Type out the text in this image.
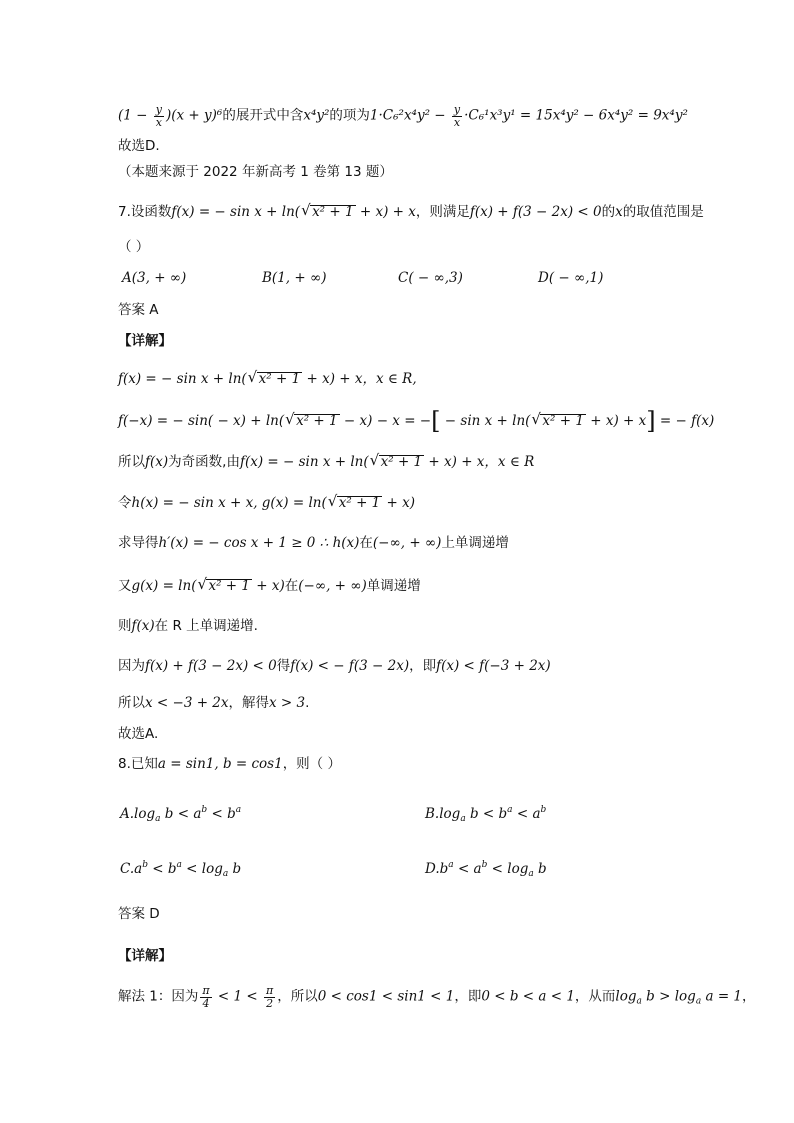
$(1 - \frac{y}{x} )(x + y)^6$的展开式中含x⁴y²的项为$1\cdot C_6^2x^4y^2 - \frac{y}{x} \cdot C_6^1x^3y^1 = 15x^4y^2 - 6x^4y^2 = 9x^4y^2$
故选D.
（本题来源于 2022 年新高考 1 卷第 13 题）
7.设函数f(x) = − sin x + ln( √ x² + 1 + x) + x，则满足f(x) + f(3 − 2x) < 0的x的取值范围是
（ ）
A(3, + ∞)	B(1, + ∞)	C( − ∞,3)	D( − ∞,1)
答案 A
【详解】
f(x) = − sin x + ln( √ x² + 1 + x) + x，x ∈ R,
f(−x) = − sin( − x) + ln( √ x² + 1 − x) − x = −[ − sin x + ln( √ x² + 1 + x) + x] = − f(x)
所以f(x)为奇函数,由f(x) = − sin x + ln( √ x² + 1 + x) + x，x ∈ R
令h(x) = − sin x + x, g(x) = ln( √ x² + 1 + x)
求导得h′(x) = − cos x + 1 ≥ 0 ∴ h(x)在(−∞, + ∞)上单调递增
又g(x) = ln( √ x² + 1 + x)在(−∞, + ∞)单调递增
则f(x)在 R 上单调递增.
因为f(x) + f(3 − 2x) < 0得f(x) < − f(3 − 2x)，即f(x) < f(−3 + 2x)
所以x < −3 + 2x，解得x > 3.
故选A.
8.已知a = sin1, b = cos1，则（ ）
$A.\log_a$ $b < a^b < b^a$	$B.\log_a$ $b < b^a < a^b$
$C.a^b < b^a < \log_a b$	$D.b^a < a^b < \log_a b$
答案 D
【详解】
解法 1：因为 $\frac{\pi}{4} < 1 < \frac{\pi}{2}$ ，所以0 < cos1 < sin1 < 1，即0 < b < a < 1，从而$\log_a b > \log_a a = 1$，
